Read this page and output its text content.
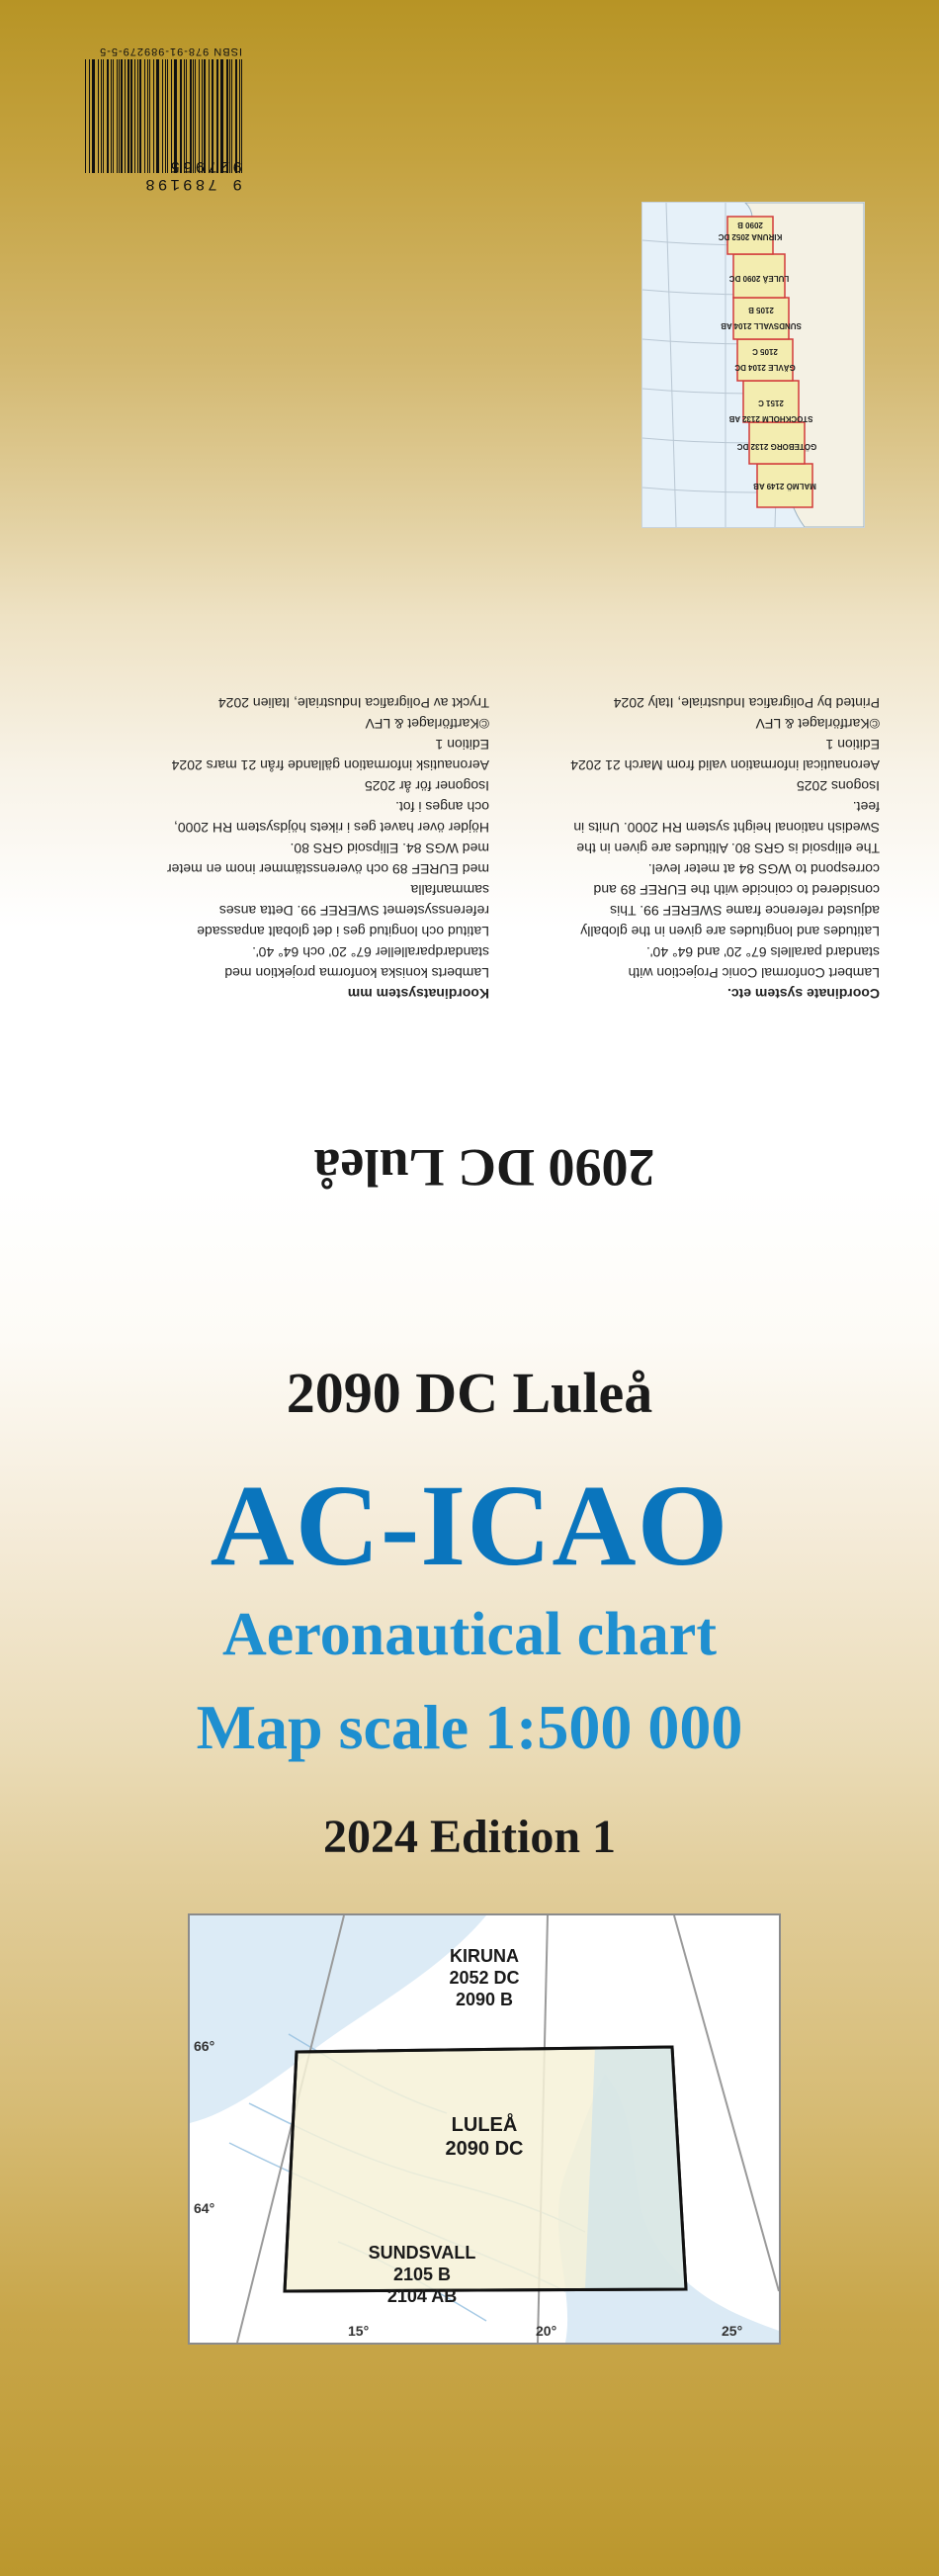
9 789198 927955
ISBN 978-91-989279-5-5
MALMÖ 2149 AB
GÖTEBORG 2132 DC
STOCKHOLM 2132 AB
2151 C
GÄVLE 2104 DC
2105 C
SUNDSVALL 2104 AB
2105 B
LULEÅ 2090 DC
KIRUNA 2052 DC
2090 B
2090 DC Luleå

Coordinate system etc.

Lambert Conformal Conic Projection with

standard parallels 67° 20' and 64° 40'.

Latitudes and longitudes are given in the globally

adjusted reference frame SWEREF 99. This

considered to coincide with the EUREF 89 and

correspond to WGS 84 at meter level.

The ellipsoid is GRS 80. Altitudes are given in the

Swedish national height system RH 2000. Units in feet.

Isogons 2025

Aeronautical information valid from March 21 2024

Edition 1

©Kartförlaget & LFV

Printed by Poligrafica Industriale, Italy 2024

Koordinatsystem mm

Lamberts koniska konforma projektion med

standardparalleller 67° 20' och 64° 40'.

Latitud och longitud ges i det globalt anpassade

referenssystemet SWEREF 99. Detta anses sammanfalla

med EUREF 89 och överensstämmer inom en meter

med WGS 84. Ellipsoid GRS 80.

Höjder över havet ges i rikets höjdsystem RH 2000,

och anges i fot.

Isogoner för år 2025

Aeronautisk information gällande från 21 mars 2024

Edition 1

©Kartförlaget & LFV

Tryckt av Poligrafica Industriale, Italien 2024

2090 DC Luleå
AC-ICAO
Aeronautical chart
Map scale 1:500 000
2024 Edition 1
KIRUNA
2052 DC
2090 B
LULEÅ
2090 DC
SUNDSVALL
2105 B
2104 AB
66°
64°
15°	20°	25°
